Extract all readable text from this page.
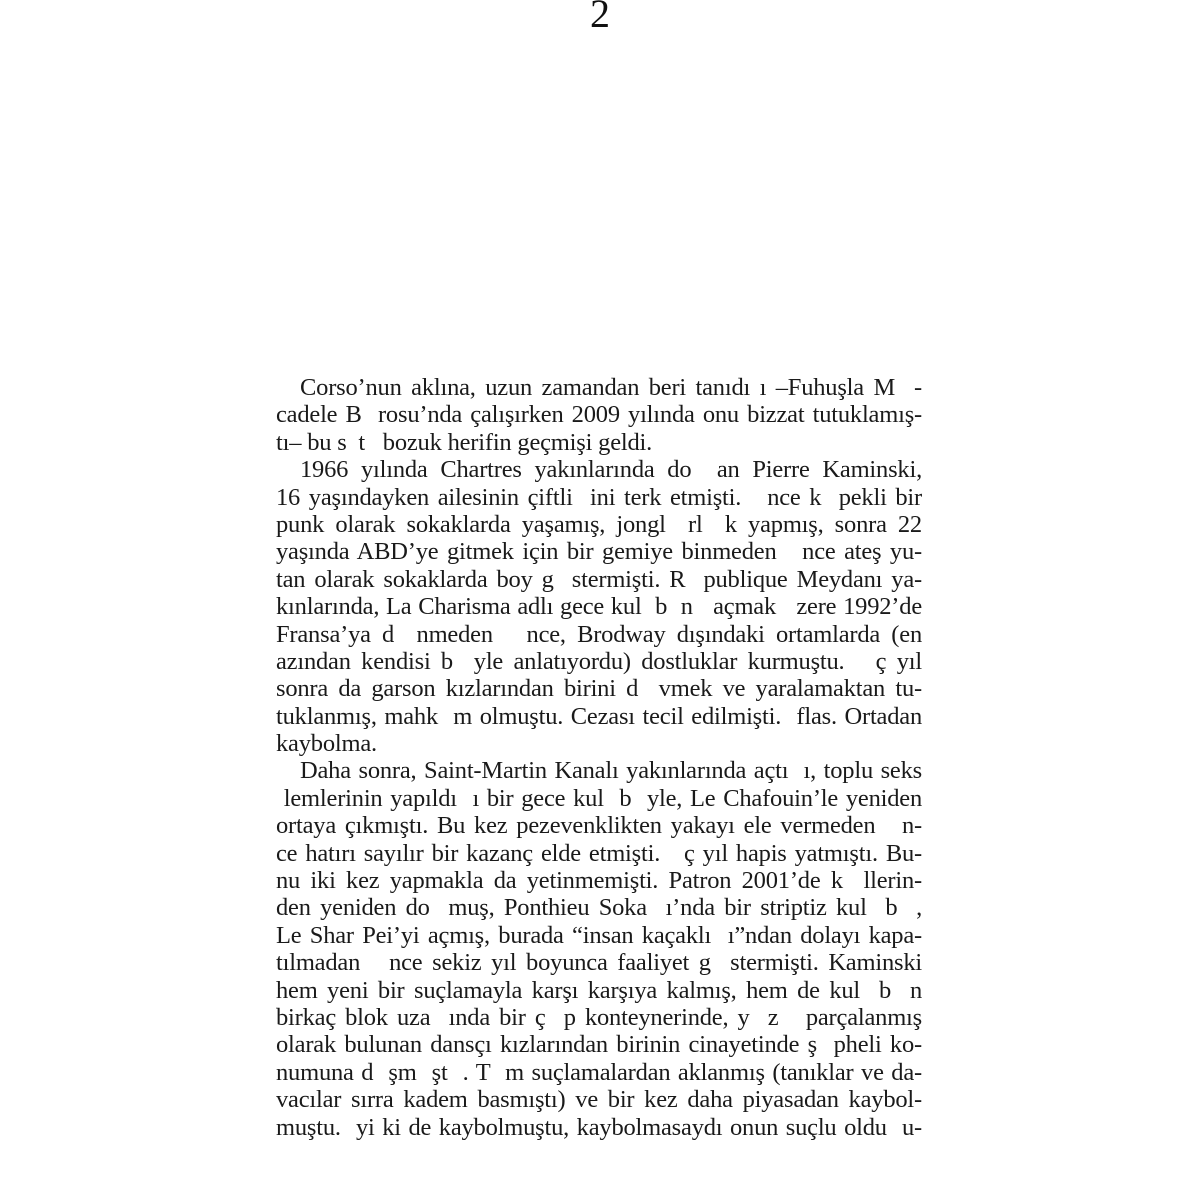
2
Corso’nun aklına, uzun zamandan beri tanıdı ı –Fuhuşla M  -
cadele B  rosu’nda çalışırken 2009 yılında onu bizzat tutuklamış-
tı– bu s  t   bozuk herifin geçmişi geldi.
1966 yılında Chartres yakınlarında do  an Pierre Kaminski,
16 yaşındayken ailesinin çiftli  ini terk etmişti.   nce k  pekli bir
punk olarak sokaklarda yaşamış, jongl  rl  k yapmış, sonra 22
yaşında ABD’ye gitmek için bir gemiye binmeden   nce ateş yu-
tan olarak sokaklarda boy g  stermişti. R  publique Meydanı ya-
kınlarında, La Charisma adlı gece kul  b  n   açmak   zere 1992’de
Fransa’ya d  nmeden   nce, Brodway dışındaki ortamlarda (en
azından kendisi b  yle anlatıyordu) dostluklar kurmuştu.   ç yıl
sonra da garson kızlarından birini d  vmek ve yaralamaktan tu-
tuklanmış, mahk  m olmuştu. Cezası tecil edilmişti.  flas. Ortadan
kaybolma.
Daha sonra, Saint-Martin Kanalı yakınlarında açtı  ı, toplu seks
lemlerinin yapıldı  ı bir gece kul  b  yle, Le Chafouin’le yeniden
ortaya çıkmıştı. Bu kez pezevenklikten yakayı ele vermeden   n-
ce hatırı sayılır bir kazanç elde etmişti.   ç yıl hapis yatmıştı. Bu-
nu iki kez yapmakla da yetinmemişti. Patron 2001’de k  llerin-
den yeniden do  muş, Ponthieu Soka  ı’nda bir striptiz kul  b  ,
Le Shar Pei’yi açmış, burada “insan kaçaklı  ı”ndan dolayı kapa-
tılmadan   nce sekiz yıl boyunca faaliyet g  stermişti. Kaminski
hem yeni bir suçlamayla karşı karşıya kalmış, hem de kul  b  n
birkaç blok uza  ında bir ç  p konteynerinde, y  z   parçalanmış
olarak bulunan dansçı kızlarından birinin cinayetinde ş  pheli ko-
numuna d  şm  şt  . T  m suçlamalardan aklanmış (tanıklar ve da-
vacılar sırra kadem basmıştı) ve bir kez daha piyasadan kaybol-
muştu.  yi ki de kaybolmuştu, kaybolmasaydı onun suçlu oldu  u-
